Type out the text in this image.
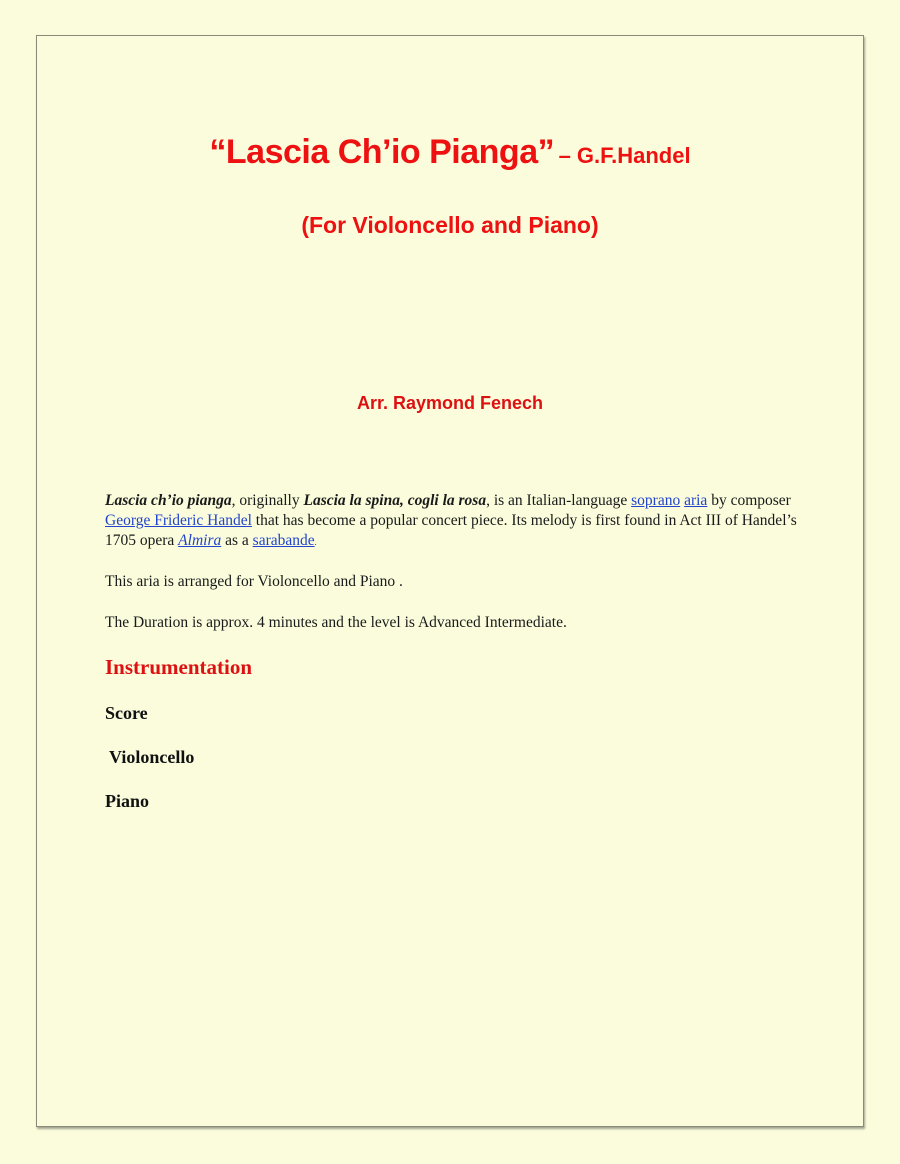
“Lascia Ch’io Pianga” – G.F.Handel
(For Violoncello and Piano)
Arr. Raymond Fenech
Lascia ch’io pianga, originally Lascia la spina, cogli la rosa, is an Italian-language soprano aria by composer George Frideric Handel that has become a popular concert piece. Its melody is first found in Act III of Handel’s 1705 opera Almira as a sarabande.
This aria is arranged for Violoncello and Piano .
The Duration is approx. 4 minutes and the level is Advanced Intermediate.
Instrumentation
Score
Violoncello
Piano
